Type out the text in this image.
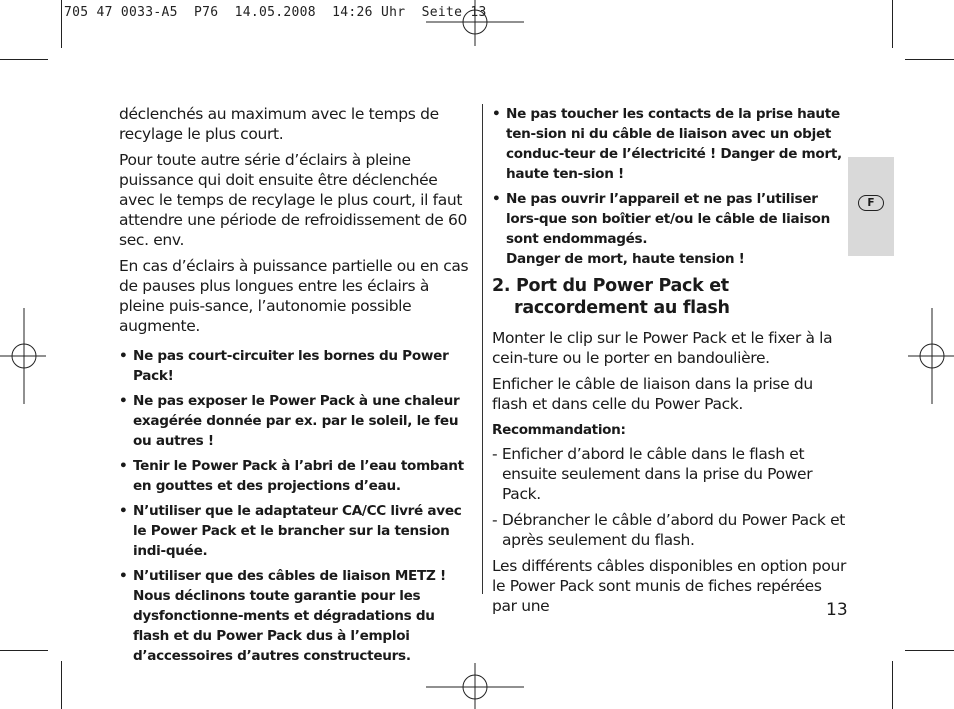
705 47 0033-A5  P76  14.05.2008  14:26 Uhr  Seite 13

déclenchés au maximum avec le temps de recylage le plus court.

Pour toute autre série d’éclairs à pleine puissance qui doit ensuite être déclenchée avec le temps de recylage le plus court, il faut attendre une période de refroidissement de 60 sec. env.

En cas d’éclairs à puissance partielle ou en cas de pauses plus longues entre les éclairs à pleine puis-sance, l’autonomie possible augmente.

• Ne pas court-circuiter les bornes du Power Pack!
• Ne pas exposer le Power Pack à une chaleur exagérée donnée par ex. par le soleil, le feu ou autres !
• Tenir le Power Pack à l’abri de l’eau tombant en gouttes et des projections d’eau.
• N’utiliser que le adaptateur CA/CC livré avec le Power Pack et le brancher sur la tension indi-quée.
• N’utiliser que des câbles de liaison METZ ! Nous déclinons toute garantie pour les dysfonctionne-ments et dégradations du flash et du Power Pack dus à l’emploi d’accessoires d’autres constructeurs.
• Ne pas toucher les contacts de la prise haute ten-sion ni du câble de liaison avec un objet conduc-teur de l’électricité ! Danger de mort, haute ten-sion !
• Ne pas ouvrir l’appareil et ne pas l’utiliser lors-que son boîtier et/ou le câble de liaison sont endommagés.
Danger de mort, haute tension !
2. Port du Power Pack et raccordement au flash

Monter le clip sur le Power Pack et le fixer à la cein-ture ou le porter en bandoulière.

Enficher le câble de liaison dans la prise du flash et dans celle du Power Pack.

Recommandation:
- Enficher d’abord le câble dans le flash et ensuite seulement dans la prise du Power Pack.
- Débrancher le câble d’abord du Power Pack et après seulement du flash.

Les différents câbles disponibles en option pour le Power Pack sont munis de fiches repérées par une

F
13
